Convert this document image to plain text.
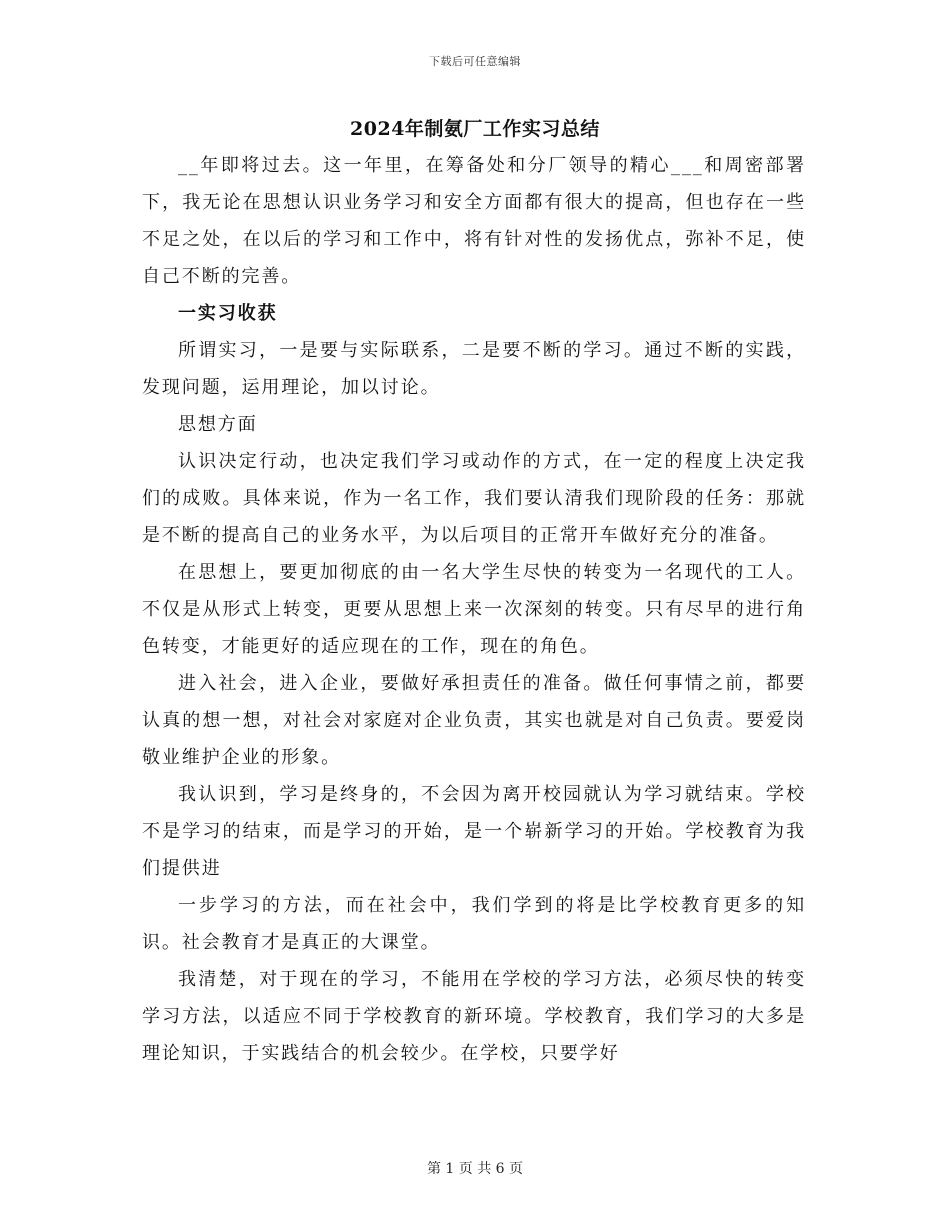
下载后可任意编辑
2024年制氨厂工作实习总结

__年即将过去。这一年里，在筹备处和分厂领导的精心___和周密部署下，我无论在思想认识业务学习和安全方面都有很大的提高，但也存在一些不足之处，在以后的学习和工作中，将有针对性的发扬优点，弥补不足，使自己不断的完善。

一实习收获

所谓实习，一是要与实际联系，二是要不断的学习。通过不断的实践，发现问题，运用理论，加以讨论。

思想方面

认识决定行动，也决定我们学习或动作的方式，在一定的程度上决定我们的成败。具体来说，作为一名工作，我们要认清我们现阶段的任务：那就是不断的提高自己的业务水平，为以后项目的正常开车做好充分的准备。

在思想上，要更加彻底的由一名大学生尽快的转变为一名现代的工人。不仅是从形式上转变，更要从思想上来一次深刻的转变。只有尽早的进行角色转变，才能更好的适应现在的工作，现在的角色。

进入社会，进入企业，要做好承担责任的准备。做任何事情之前，都要认真的想一想，对社会对家庭对企业负责，其实也就是对自己负责。要爱岗敬业维护企业的形象。

我认识到，学习是终身的，不会因为离开校园就认为学习就结束。学校不是学习的结束，而是学习的开始，是一个崭新学习的开始。学校教育为我们提供进

一步学习的方法，而在社会中，我们学到的将是比学校教育更多的知识。社会教育才是真正的大课堂。

我清楚，对于现在的学习，不能用在学校的学习方法，必须尽快的转变学习方法，以适应不同于学校教育的新环境。学校教育，我们学习的大多是理论知识，于实践结合的机会较少。在学校，只要学好

第 1 页 共 6 页
